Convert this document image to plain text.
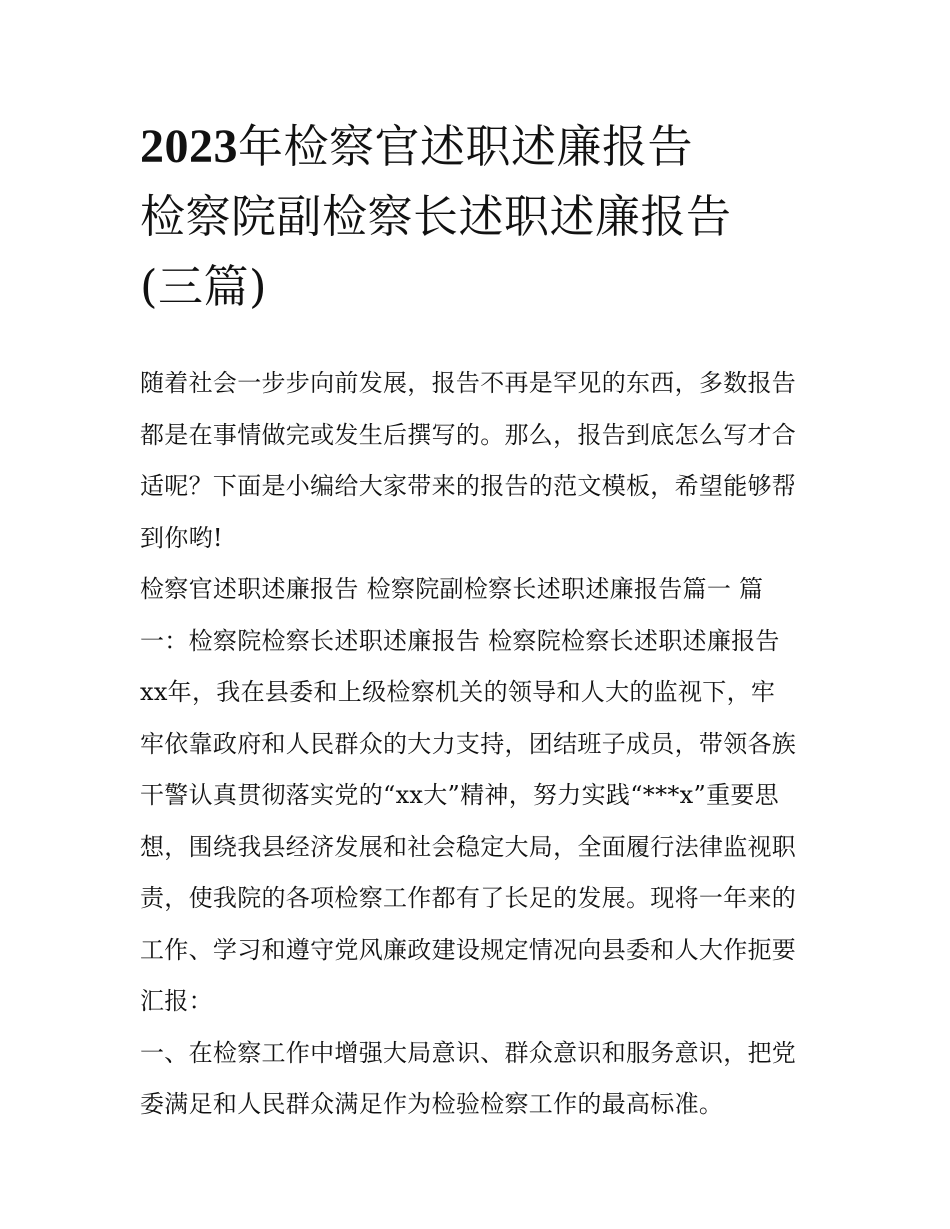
2023年检察官述职述廉报告
检察院副检察长述职述廉报告
(三篇)
随着社会一步步向前发展，报告不再是罕见的东西，多数报告
都是在事情做完或发生后撰写的。那么，报告到底怎么写才合
适呢？下面是小编给大家带来的报告的范文模板，希望能够帮
到你哟!
检察官述职述廉报告 检察院副检察长述职述廉报告篇一 篇
一：检察院检察长述职述廉报告 检察院检察长述职述廉报告
xx年，我在县委和上级检察机关的领导和人大的监视下，牢
牢依靠政府和人民群众的大力支持，团结班子成员，带领各族
干警认真贯彻落实党的“xx大”精神，努力实践“***x”重要思
想，围绕我县经济发展和社会稳定大局，全面履行法律监视职
责，使我院的各项检察工作都有了长足的发展。现将一年来的
工作、学习和遵守党风廉政建设规定情况向县委和人大作扼要
汇报：
一、在检察工作中增强大局意识、群众意识和服务意识，把党
委满足和人民群众满足作为检验检察工作的最高标准。
